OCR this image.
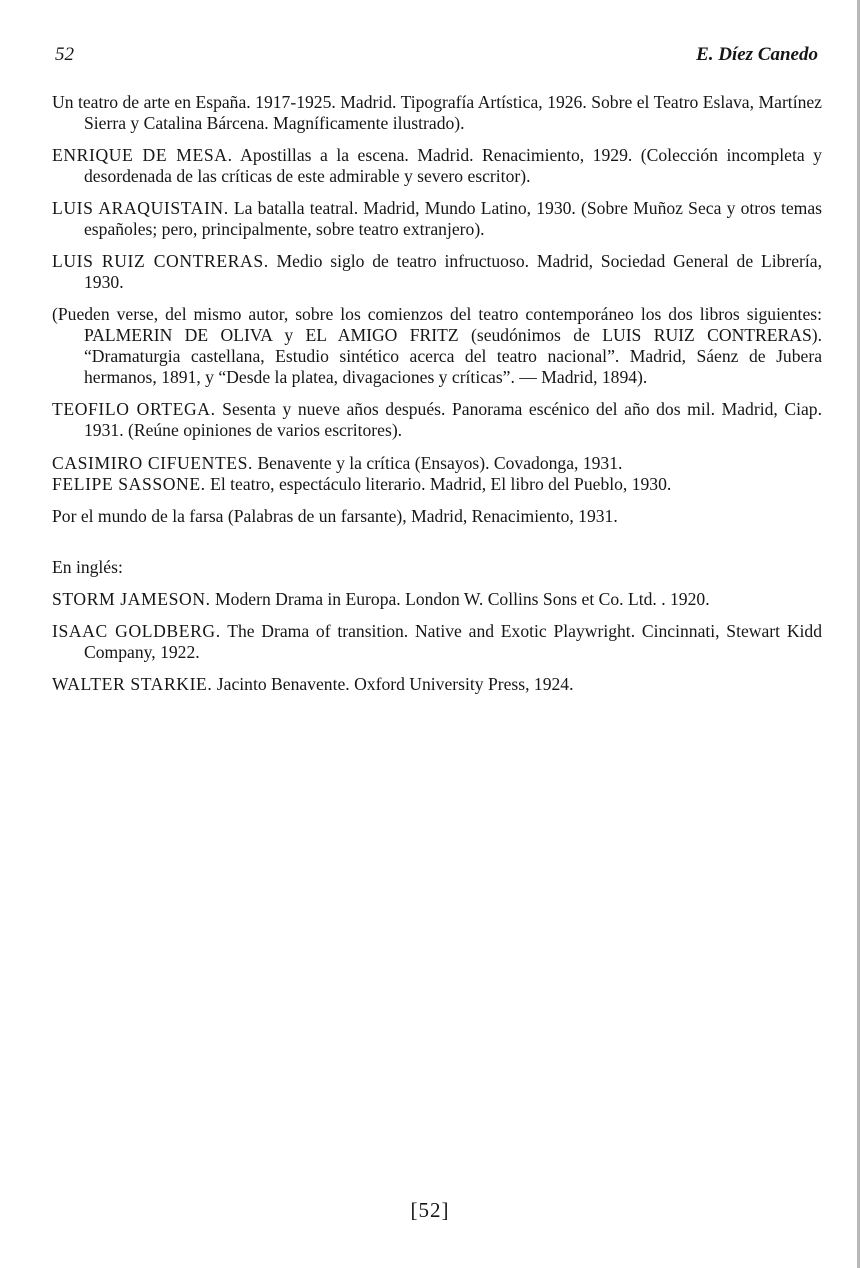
52	E. Díez Canedo

Un teatro de arte en España. 1917-1925. Madrid. Tipografía Artística, 1926. Sobre el Teatro Eslava, Martínez Sierra y Catalina Bárcena. Magníficamente ilustrado).

ENRIQUE DE MESA. Apostillas a la escena. Madrid. Renacimiento, 1929. (Colección incompleta y desordenada de las críticas de este admirable y severo escritor).

LUIS ARAQUISTAIN. La batalla teatral. Madrid, Mundo Latino, 1930. (Sobre Muñoz Seca y otros temas españoles; pero, principalmente, sobre teatro extranjero).

LUIS RUIZ CONTRERAS. Medio siglo de teatro infructuoso. Madrid, Sociedad General de Librería, 1930.

(Pueden verse, del mismo autor, sobre los comienzos del teatro contemporáneo los dos libros siguientes: PALMERIN DE OLIVA y EL AMIGO FRITZ (seudónimos de LUIS RUIZ CONTRERAS). “Dramaturgia castellana, Estudio sintético acerca del teatro nacional”. Madrid, Sáenz de Jubera hermanos, 1891, y “Desde la platea, divagaciones y críticas”. — Madrid, 1894).

TEOFILO ORTEGA. Sesenta y nueve años después. Panorama escénico del año dos mil. Madrid, Ciap. 1931. (Reúne opiniones de varios escritores).

CASIMIRO CIFUENTES. Benavente y la crítica (Ensayos). Covadonga, 1931.

FELIPE SASSONE. El teatro, espectáculo literario. Madrid, El libro del Pueblo, 1930.

Por el mundo de la farsa (Palabras de un farsante), Madrid, Renacimiento, 1931.

En inglés:

STORM JAMESON. Modern Drama in Europa. London W. Collins Sons et Co. Ltd. . 1920.

ISAAC GOLDBERG. The Drama of transition. Native and Exotic Playwright. Cincinnati, Stewart Kidd Company, 1922.

WALTER STARKIE. Jacinto Benavente. Oxford University Press, 1924.

[52]
